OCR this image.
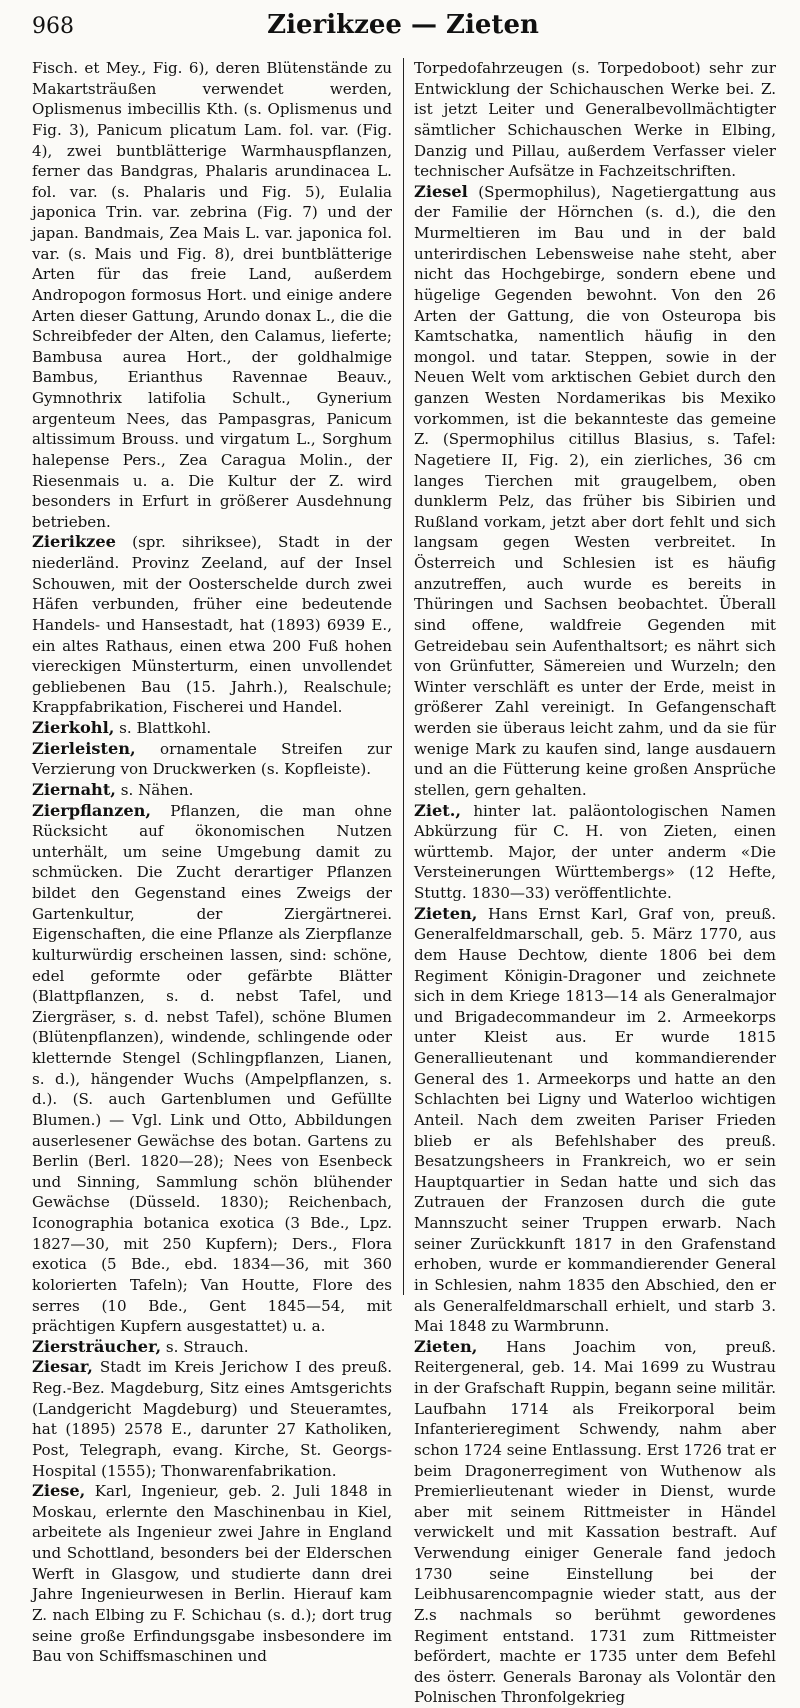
968	Zierikzee — Zieten

Fisch. et Mey., Fig. 6), deren Blütenstände zu Makartsträußen verwendet werden, Oplismenus imbecillis Kth. (s. Oplismenus und Fig. 3), Panicum plicatum Lam. fol. var. (Fig. 4), zwei buntblätterige Warmhauspflanzen, ferner das Bandgras, Phalaris arundinacea L. fol. var. (s. Phalaris und Fig. 5), Eulalia japonica Trin. var. zebrina (Fig. 7) und der japan. Bandmais, Zea Mais L. var. japonica fol. var. (s. Mais und Fig. 8), drei buntblätterige Arten für das freie Land, außerdem Andropogon formosus Hort. und einige andere Arten dieser Gattung, Arundo donax L., die die Schreibfeder der Alten, den Calamus, lieferte; Bambusa aurea Hort., der goldhalmige Bambus, Erianthus Ravennae Beauv., Gymnothrix latifolia Schult., Gynerium argenteum Nees, das Pampasgras, Panicum altissimum Brouss. und virgatum L., Sorghum halepense Pers., Zea Caragua Molin., der Riesenmais u. a. Die Kultur der Z. wird besonders in Erfurt in größerer Ausdehnung betrieben.

Zierikzee (spr. sihriksee), Stadt in der niederländ. Provinz Zeeland, auf der Insel Schouwen, mit der Oosterschelde durch zwei Häfen verbunden, früher eine bedeutende Handels- und Hansestadt, hat (1893) 6939 E., ein altes Rathaus, einen etwa 200 Fuß hohen viereckigen Münsterturm, einen unvollendet gebliebenen Bau (15. Jahrh.), Realschule; Krappfabrikation, Fischerei und Handel.

Zierkohl, s. Blattkohl.

Zierleisten, ornamentale Streifen zur Verzierung von Druckwerken (s. Kopfleiste).

Ziernaht, s. Nähen.

Zierpflanzen, Pflanzen, die man ohne Rücksicht auf ökonomischen Nutzen unterhält, um seine Umgebung damit zu schmücken. Die Zucht derartiger Pflanzen bildet den Gegenstand eines Zweigs der Gartenkultur, der Ziergärtnerei. Eigenschaften, die eine Pflanze als Zierpflanze kulturwürdig erscheinen lassen, sind: schöne, edel geformte oder gefärbte Blätter (Blattpflanzen, s. d. nebst Tafel, und Ziergräser, s. d. nebst Tafel), schöne Blumen (Blütenpflanzen), windende, schlingende oder kletternde Stengel (Schlingpflanzen, Lianen, s. d.), hängender Wuchs (Ampelpflanzen, s. d.). (S. auch Gartenblumen und Gefüllte Blumen.) — Vgl. Link und Otto, Abbildungen auserlesener Gewächse des botan. Gartens zu Berlin (Berl. 1820—28); Nees von Esenbeck und Sinning, Sammlung schön blühender Gewächse (Düsseld. 1830); Reichenbach, Iconographia botanica exotica (3 Bde., Lpz. 1827—30, mit 250 Kupfern); Ders., Flora exotica (5 Bde., ebd. 1834—36, mit 360 kolorierten Tafeln); Van Houtte, Flore des serres (10 Bde., Gent 1845—54, mit prächtigen Kupfern ausgestattet) u. a.

Ziersträucher, s. Strauch.

Ziesar, Stadt im Kreis Jerichow I des preuß. Reg.-Bez. Magdeburg, Sitz eines Amtsgerichts (Landgericht Magdeburg) und Steueramtes, hat (1895) 2578 E., darunter 27 Katholiken, Post, Telegraph, evang. Kirche, St. Georgs-Hospital (1555); Thonwarenfabrikation.

Ziese, Karl, Ingenieur, geb. 2. Juli 1848 in Moskau, erlernte den Maschinenbau in Kiel, arbeitete als Ingenieur zwei Jahre in England und Schottland, besonders bei der Elderschen Werft in Glasgow, und studierte dann drei Jahre Ingenieurwesen in Berlin. Hierauf kam Z. nach Elbing zu F. Schichau (s. d.); dort trug seine große Erfindungsgabe insbesondere im Bau von Schiffsmaschinen und

Torpedofahrzeugen (s. Torpedoboot) sehr zur Entwicklung der Schichauschen Werke bei. Z. ist jetzt Leiter und Generalbevollmächtigter sämtlicher Schichauschen Werke in Elbing, Danzig und Pillau, außerdem Verfasser vieler technischer Aufsätze in Fachzeitschriften.

Ziesel (Spermophilus), Nagetiergattung aus der Familie der Hörnchen (s. d.), die den Murmeltieren im Bau und in der bald unterirdischen Lebensweise nahe steht, aber nicht das Hochgebirge, sondern ebene und hügelige Gegenden bewohnt. Von den 26 Arten der Gattung, die von Osteuropa bis Kamtschatka, namentlich häufig in den mongol. und tatar. Steppen, sowie in der Neuen Welt vom arktischen Gebiet durch den ganzen Westen Nordamerikas bis Mexiko vorkommen, ist die bekannteste das gemeine Z. (Spermophilus citillus Blasius, s. Tafel: Nagetiere II, Fig. 2), ein zierliches, 36 cm langes Tierchen mit graugelbem, oben dunklerm Pelz, das früher bis Sibirien und Rußland vorkam, jetzt aber dort fehlt und sich langsam gegen Westen verbreitet. In Österreich und Schlesien ist es häufig anzutreffen, auch wurde es bereits in Thüringen und Sachsen beobachtet. Überall sind offene, waldfreie Gegenden mit Getreidebau sein Aufenthaltsort; es nährt sich von Grünfutter, Sämereien und Wurzeln; den Winter verschläft es unter der Erde, meist in größerer Zahl vereinigt. In Gefangenschaft werden sie überaus leicht zahm, und da sie für wenige Mark zu kaufen sind, lange ausdauern und an die Fütterung keine großen Ansprüche stellen, gern gehalten.

Ziet., hinter lat. paläontologischen Namen Abkürzung für C. H. von Zieten, einen württemb. Major, der unter anderm «Die Versteinerungen Württembergs» (12 Hefte, Stuttg. 1830—33) veröffentlichte.

Zieten, Hans Ernst Karl, Graf von, preuß. Generalfeldmarschall, geb. 5. März 1770, aus dem Hause Dechtow, diente 1806 bei dem Regiment Königin-Dragoner und zeichnete sich in dem Kriege 1813—14 als Generalmajor und Brigadecommandeur im 2. Armeekorps unter Kleist aus. Er wurde 1815 Generallieutenant und kommandierender General des 1. Armeekorps und hatte an den Schlachten bei Ligny und Waterloo wichtigen Anteil. Nach dem zweiten Pariser Frieden blieb er als Befehlshaber des preuß. Besatzungsheers in Frankreich, wo er sein Hauptquartier in Sedan hatte und sich das Zutrauen der Franzosen durch die gute Mannszucht seiner Truppen erwarb. Nach seiner Zurückkunft 1817 in den Grafenstand erhoben, wurde er kommandierender General in Schlesien, nahm 1835 den Abschied, den er als Generalfeldmarschall erhielt, und starb 3. Mai 1848 zu Warmbrunn.

Zieten, Hans Joachim von, preuß. Reitergeneral, geb. 14. Mai 1699 zu Wustrau in der Grafschaft Ruppin, begann seine militär. Laufbahn 1714 als Freikorporal beim Infanterieregiment Schwendy, nahm aber schon 1724 seine Entlassung. Erst 1726 trat er beim Dragonerregiment von Wuthenow als Premierlieutenant wieder in Dienst, wurde aber mit seinem Rittmeister in Händel verwickelt und mit Kassation bestraft. Auf Verwendung einiger Generale fand jedoch 1730 seine Einstellung bei der Leibhusarencompagnie wieder statt, aus der Z.s nachmals so berühmt gewordenes Regiment entstand. 1731 zum Rittmeister befördert, machte er 1735 unter dem Befehl des österr. Generals Baronay als Volontär den Polnischen Thronfolgekrieg
